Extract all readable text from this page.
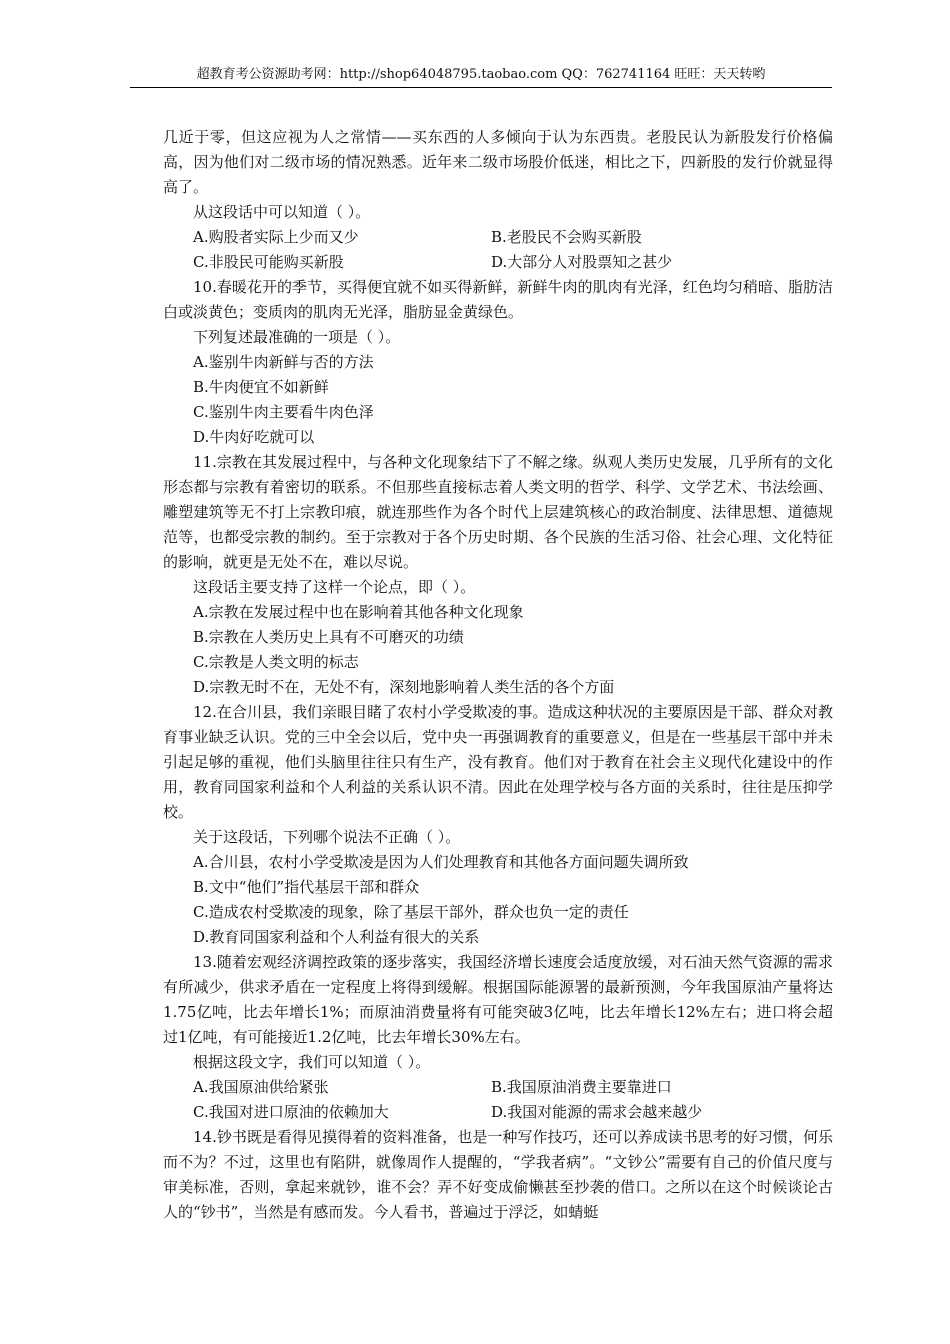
超教育考公资源助考网：http://shop64048795.taobao.com QQ：762741164 旺旺：天天转哟

几近于零，但这应视为人之常情——买东西的人多倾向于认为东西贵。老股民认为新股发行价格偏高，因为他们对二级市场的情况熟悉。近年来二级市场股价低迷，相比之下，四新股的发行价就显得高了。

从这段话中可以知道（ ）。

A.购股者实际上少而又少	B.老股民不会购买新股
C.非股民可能购买新股	D.大部分人对股票知之甚少

10.春暖花开的季节，买得便宜就不如买得新鲜，新鲜牛肉的肌肉有光泽，红色均匀稍暗、脂肪洁白或淡黄色；变质肉的肌肉无光泽，脂肪显金黄绿色。

下列复述最准确的一项是（ ）。

A.鉴别牛肉新鲜与否的方法

B.牛肉便宜不如新鲜

C.鉴别牛肉主要看牛肉色泽

D.牛肉好吃就可以

11.宗教在其发展过程中，与各种文化现象结下了不解之缘。纵观人类历史发展，几乎所有的文化形态都与宗教有着密切的联系。不但那些直接标志着人类文明的哲学、科学、文学艺术、书法绘画、雕塑建筑等无不打上宗教印痕，就连那些作为各个时代上层建筑核心的政治制度、法律思想、道德规范等，也都受宗教的制约。至于宗教对于各个历史时期、各个民族的生活习俗、社会心理、文化特征的影响，就更是无处不在，难以尽说。

这段话主要支持了这样一个论点，即（ ）。

A.宗教在发展过程中也在影响着其他各种文化现象

B.宗教在人类历史上具有不可磨灭的功绩

C.宗教是人类文明的标志

D.宗教无时不在，无处不有，深刻地影响着人类生活的各个方面

12.在合川县，我们亲眼目睹了农村小学受欺凌的事。造成这种状况的主要原因是干部、群众对教育事业缺乏认识。党的三中全会以后，党中央一再强调教育的重要意义，但是在一些基层干部中并未引起足够的重视，他们头脑里往往只有生产，没有教育。他们对于教育在社会主义现代化建设中的作用，教育同国家利益和个人利益的关系认识不清。因此在处理学校与各方面的关系时，往往是压抑学校。

关于这段话，下列哪个说法不正确（ ）。

A.合川县，农村小学受欺凌是因为人们处理教育和其他各方面问题失调所致

B.文中“他们”指代基层干部和群众

C.造成农村受欺凌的现象，除了基层干部外，群众也负一定的责任

D.教育同国家利益和个人利益有很大的关系

13.随着宏观经济调控政策的逐步落实，我国经济增长速度会适度放缓，对石油天然气资源的需求有所减少，供求矛盾在一定程度上将得到缓解。根据国际能源署的最新预测，今年我国原油产量将达1.75亿吨，比去年增长1%；而原油消费量将有可能突破3亿吨，比去年增长12%左右；进口将会超过1亿吨，有可能接近1.2亿吨，比去年增长30%左右。

根据这段文字，我们可以知道（ ）。

A.我国原油供给紧张	B.我国原油消费主要靠进口
C.我国对进口原油的依赖加大	D.我国对能源的需求会越来越少

14.钞书既是看得见摸得着的资料准备，也是一种写作技巧，还可以养成读书思考的好习惯，何乐而不为？不过，这里也有陷阱，就像周作人提醒的，“学我者病”。“文钞公”需要有自己的价值尺度与审美标准，否则，拿起来就钞，谁不会？弄不好变成偷懒甚至抄袭的借口。之所以在这个时候谈论古人的“钞书”，当然是有感而发。今人看书，普遍过于浮泛，如蜻蜓
